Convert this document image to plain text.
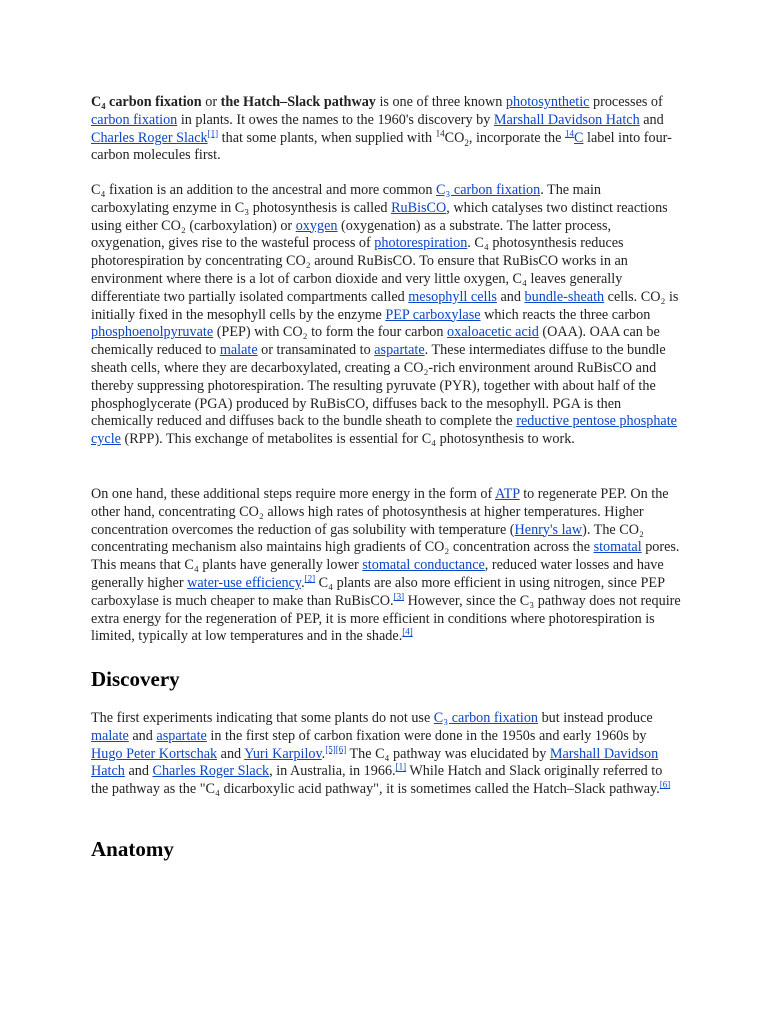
C₄ carbon fixation or the Hatch–Slack pathway is one of three known photosynthetic processes of carbon fixation in plants. It owes the names to the 1960's discovery by Marshall Davidson Hatch and Charles Roger Slack[1] that some plants, when supplied with $^{14}CO_2$, incorporate the $^{14}$C label into four-carbon molecules first.

C₄ fixation is an addition to the ancestral and more common C₃ carbon fixation. The main carboxylating enzyme in C₃ photosynthesis is called RuBisCO, which catalyses two distinct reactions using either CO₂ (carboxylation) or oxygen (oxygenation) as a substrate. The latter process, oxygenation, gives rise to the wasteful process of photorespiration. C₄ photosynthesis reduces photorespiration by concentrating CO₂ around RuBisCO. To ensure that RuBisCO works in an environment where there is a lot of carbon dioxide and very little oxygen, C₄ leaves generally differentiate two partially isolated compartments called mesophyll cells and bundle-sheath cells. CO₂ is initially fixed in the mesophyll cells by the enzyme PEP carboxylase which reacts the three carbon phosphoenolpyruvate (PEP) with CO₂ to form the four carbon oxaloacetic acid (OAA). OAA can be chemically reduced to malate or transaminated to aspartate. These intermediates diffuse to the bundle sheath cells, where they are decarboxylated, creating a CO₂-rich environment around RuBisCO and thereby suppressing photorespiration. The resulting pyruvate (PYR), together with about half of the phosphoglycerate (PGA) produced by RuBisCO, diffuses back to the mesophyll. PGA is then chemically reduced and diffuses back to the bundle sheath to complete the reductive pentose phosphate cycle (RPP). This exchange of metabolites is essential for C₄ photosynthesis to work.

On one hand, these additional steps require more energy in the form of ATP to regenerate PEP. On the other hand, concentrating CO₂ allows high rates of photosynthesis at higher temperatures. Higher concentration overcomes the reduction of gas solubility with temperature (Henry's law). The CO₂ concentrating mechanism also maintains high gradients of CO₂ concentration across the stomatal pores. This means that C₄ plants have generally lower stomatal conductance, reduced water losses and have generally higher water-use efficiency.[2] C₄ plants are also more efficient in using nitrogen, since PEP carboxylase is much cheaper to make than RuBisCO.[3] However, since the C₃ pathway does not require extra energy for the regeneration of PEP, it is more efficient in conditions where photorespiration is limited, typically at low temperatures and in the shade.[4]

Discovery

The first experiments indicating that some plants do not use C₃ carbon fixation but instead produce malate and aspartate in the first step of carbon fixation were done in the 1950s and early 1960s by Hugo Peter Kortschak and Yuri Karpilov.[5][6] The C₄ pathway was elucidated by Marshall Davidson Hatch and Charles Roger Slack, in Australia, in 1966.[1] While Hatch and Slack originally referred to the pathway as the "C₄ dicarboxylic acid pathway", it is sometimes called the Hatch–Slack pathway.[6]

Anatomy
